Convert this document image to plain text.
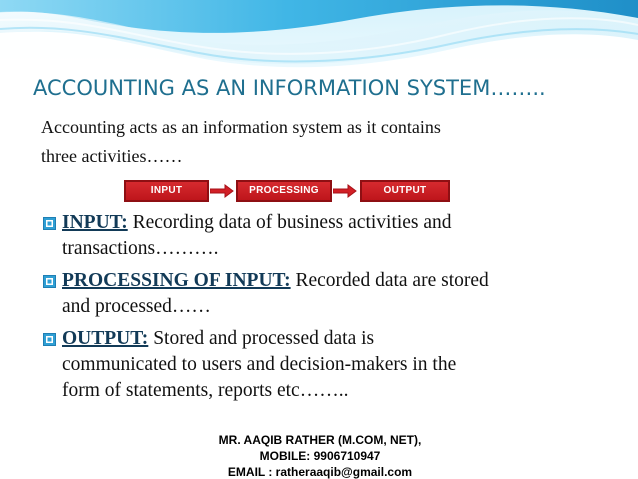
ACCOUNTING AS AN INFORMATION SYSTEM……..

Accounting acts as an information system as it contains
three activities……

INPUT	PROCESSING	OUTPUT
INPUT: Recording data of business activities and
transactions……….
PROCESSING OF INPUT: Recorded data are stored
and processed……
OUTPUT: Stored and processed data is
communicated to users and decision-makers in the
form of statements, reports etc……..
MR. AAQIB RATHER (M.COM, NET),
MOBILE: 9906710947
EMAIL : ratheraaqib@gmail.com
